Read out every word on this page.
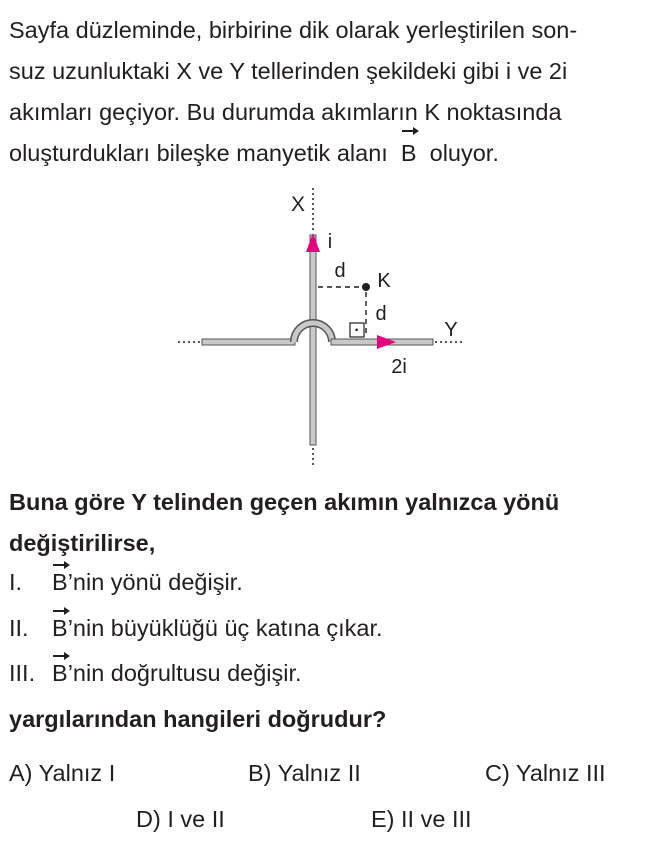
Sayfa düzleminde, birbirine dik olarak yerleştirilen son-
suz uzunluktaki X ve Y tellerinden şekildeki gibi i ve 2i
akımları geçiyor. Bu durumda akımların K noktasında
oluşturdukları bileşke manyetik alanı B oluyor.
·
X
i
d K
d
Y
2i
Buna göre Y telinden geçen akımın yalnızca yönü
değiştirilirse,
I. B’nin yönü değişir.
II. B’nin büyüklüğü üç katına çıkar.
III. B’nin doğrultusu değişir.
yargılarından hangileri doğrudur?
A) Yalnız I	B) Yalnız II	C) Yalnız III
D) I ve II	E) II ve III
